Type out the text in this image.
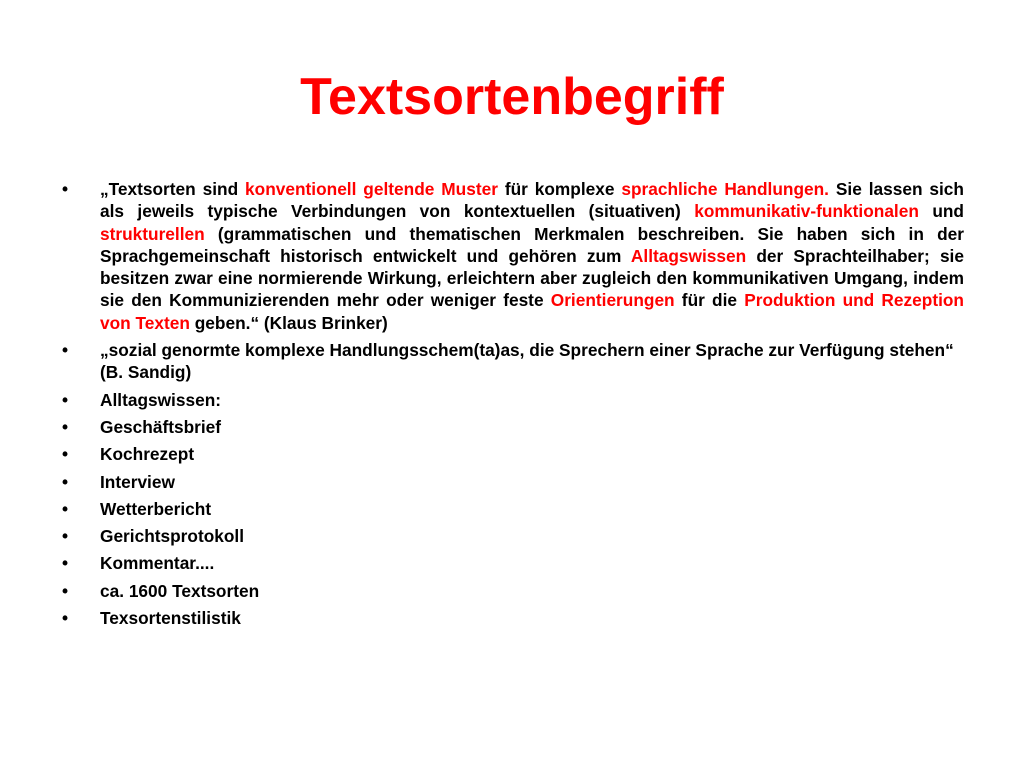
Textsortenbegriff
•	„Textsorten sind konventionell geltende Muster für komplexe sprachliche Handlungen. Sie lassen sich als jeweils typische Verbindungen von kontextuellen (situativen) kommunikativ-funktionalen und strukturellen (grammatischen und thematischen Merkmalen beschreiben. Sie haben sich in der Sprachgemeinschaft historisch entwickelt und gehören zum Alltagswissen der Sprachteilhaber; sie besitzen zwar eine normierende Wirkung, erleichtern aber zugleich den kommunikativen Umgang, indem sie den Kommunizierenden mehr oder weniger feste Orientierungen für die Produktion und Rezeption von Texten geben.“ (Klaus Brinker)
•	„sozial genormte komplexe Handlungsschem(ta)as, die Sprechern einer Sprache zur Verfügung stehen“ (B. Sandig)
•	Alltagswissen:
•	Geschäftsbrief
•	Kochrezept
•	Interview
•	Wetterbericht
•	Gerichtsprotokoll
•	Kommentar....
•	ca. 1600 Textsorten
•	Texsortenstilistik
